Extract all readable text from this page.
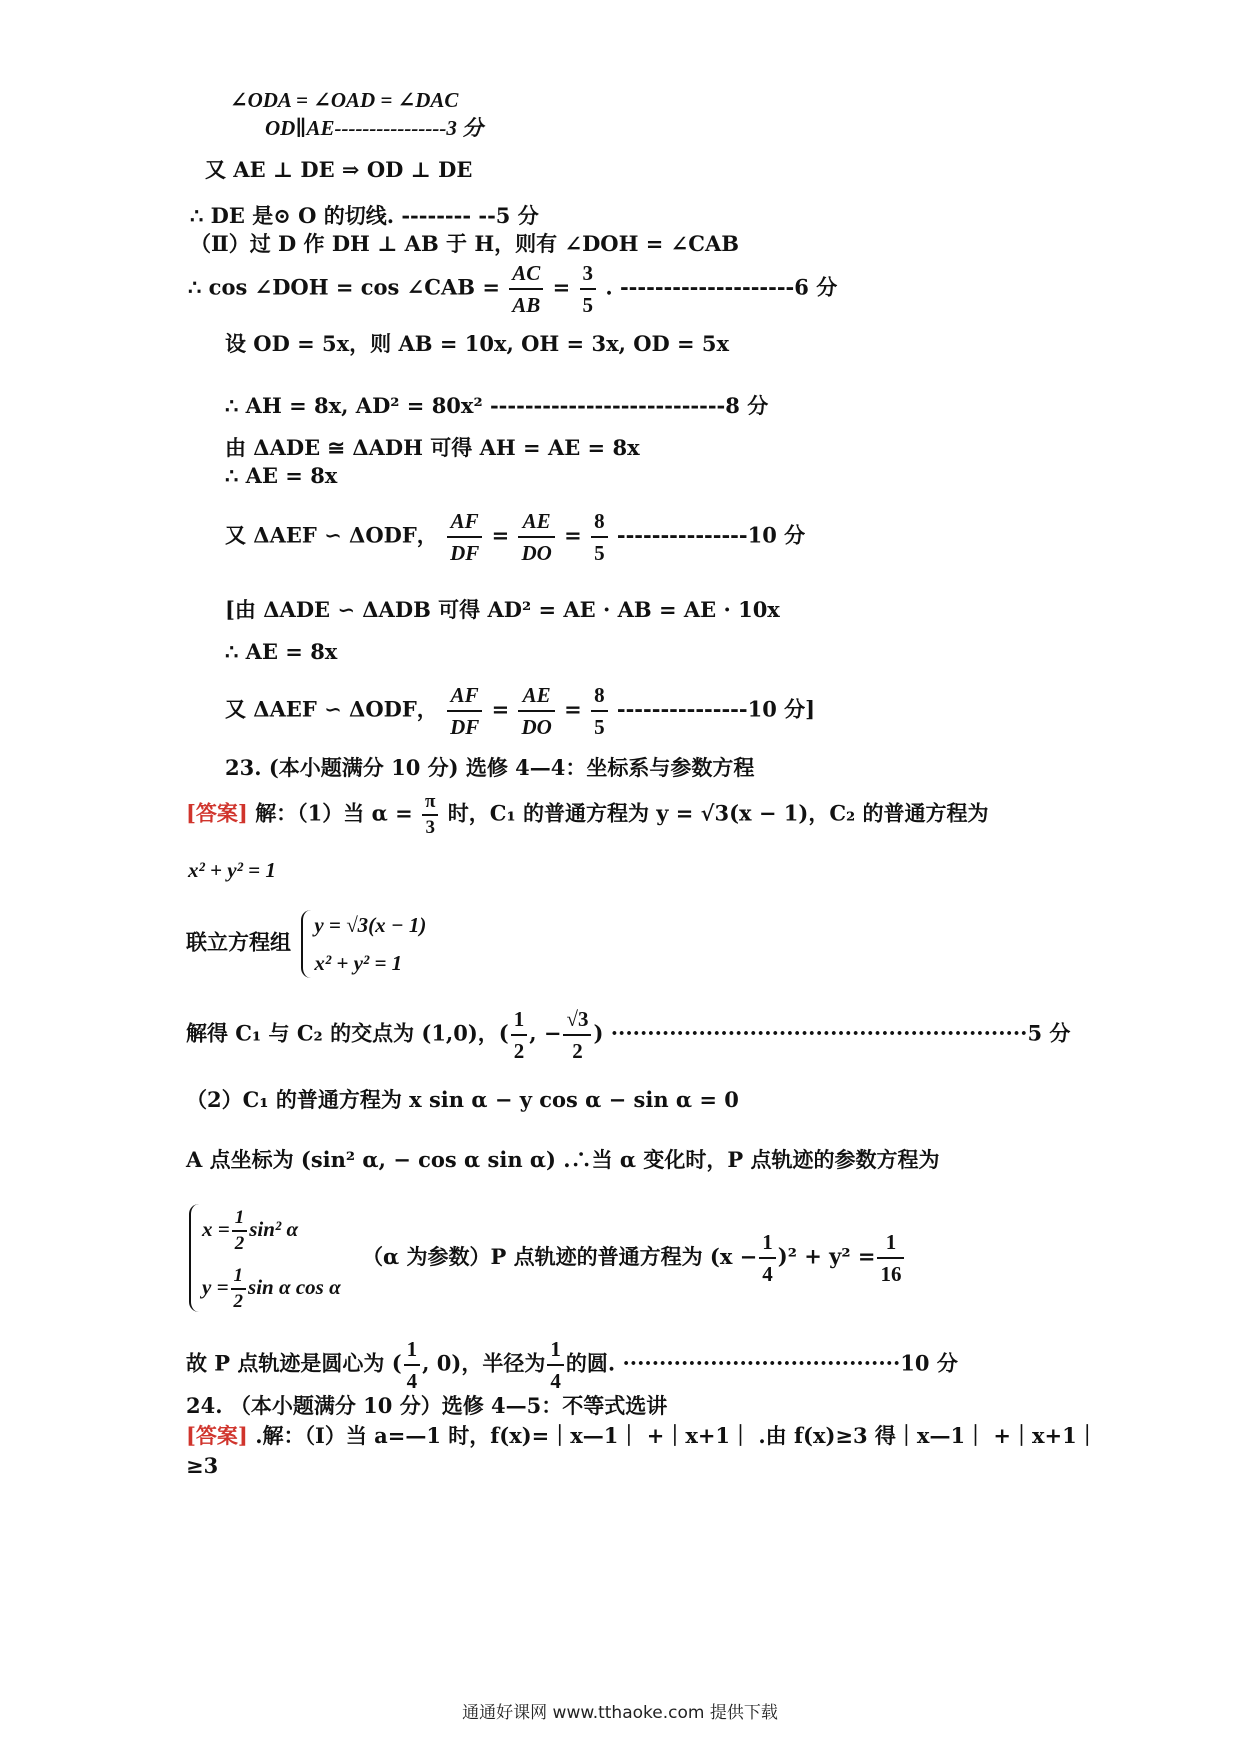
∠ODA = ∠OAD = ∠DAC
OD∥AE----------------3 分
又 AE ⊥ DE ⇒ OD ⊥ DE
∴ DE 是⊙ O 的切线. -------- --5 分
（Ⅱ）过 D 作 DH ⊥ AB 于 H，则有 ∠DOH = ∠CAB
∴ cos ∠DOH = cos ∠CAB = $\frac{AC}{AB} = \frac{3}{5}$ . --------------------6 分
设 OD = 5x，则 AB = 10x, OH = 3x, OD = 5x
∴ AH = 8x, AD² = 80x² ---------------------------8 分
由 ΔADE ≅ ΔADH 可得 AH = AE = 8x
∴ AE = 8x
又 ΔAEF ∽ ΔODF， $\frac{AF}{DF} = \frac{AE}{DO} = \frac{8}{5} ---------------10$ 分
[由 ΔADE ∽ ΔADB 可得 AD² = AE · AB = AE · 10x
∴ AE = 8x
又 ΔAEF ∽ ΔODF， $\frac{AF}{DF} = \frac{AE}{DO} = \frac{8}{5} ---------------10$ 分]
23. (本小题满分 10 分) 选修 4—4：坐标系与参数方程
[答案] 解：（1）当 $\alpha = \frac{\pi}{3}$ 时，C₁ 的普通方程为 y = √3(x − 1)，C₂ 的普通方程为
x² + y² = 1
联立方程组
y = √3(x − 1)
x² + y² = 1
解得 C₁ 与 C₂ 的交点为 (1,0)，( $\frac{1}{2}$ , − $\frac{√3}{2}$ ) ·························································5 分
（2）C₁ 的普通方程为 x sin α − y cos α − sin α = 0
A 点坐标为 (sin² α, − cos α sin α) .∴当 α 变化时，P 点轨迹的参数方程为
$x = \frac{1}{2} \sin^2$ α
$y = \frac{1}{2}$ sin α cos α
（α 为参数）P 点轨迹的普通方程为 $(x - \frac{1}{4} )^2 + y^2 = \frac{1}{16}$
故 P 点轨迹是圆心为 ( $\frac{1}{4}$ , 0)，半径为 $\frac{1}{4}$ 的圆. ······································10 分
24. （本小题满分 10 分）选修 4—5：不等式选讲
[答案] .解：（Ⅰ）当 a=—1 时，f(x)=｜x—1｜ +｜x+1｜ .由 f(x)≥3 得｜x—1｜ +｜x+1｜
≥3
通通好课网 www.tthaoke.com 提供下载
